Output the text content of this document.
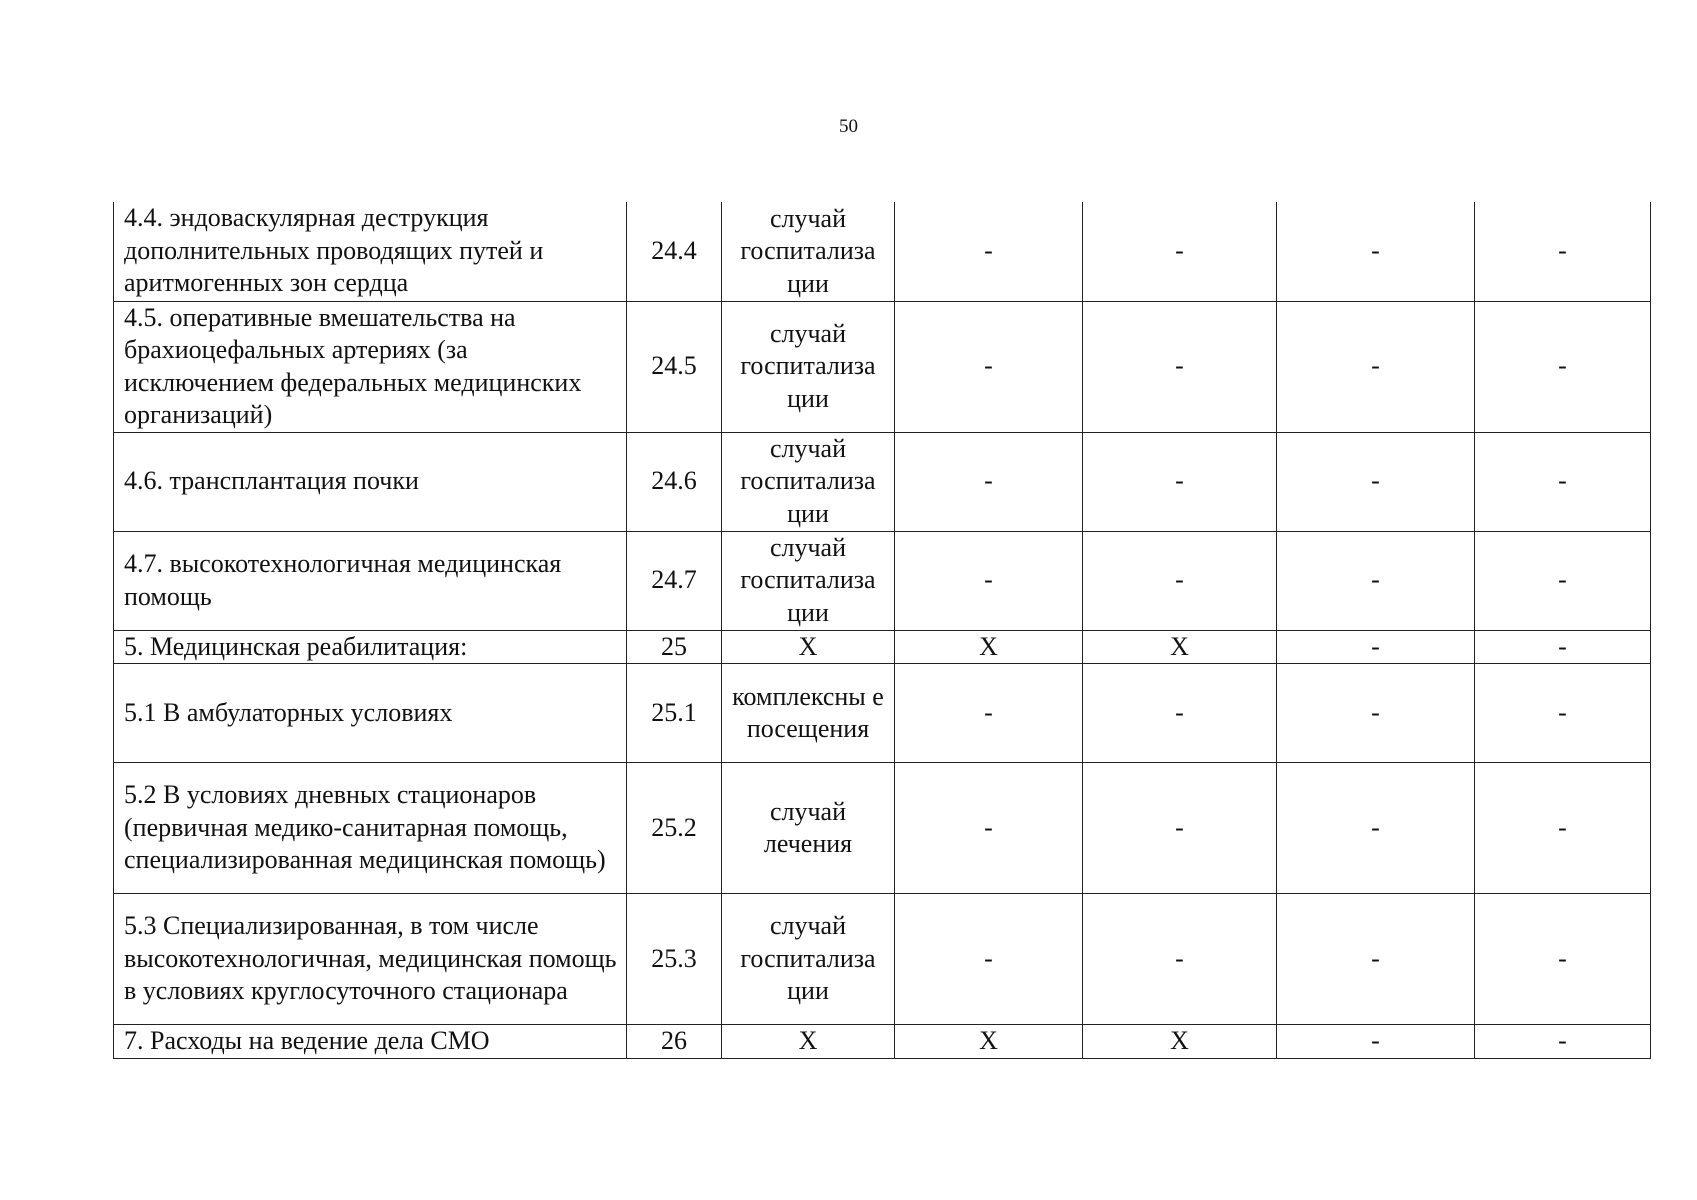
50
4.4. эндоваскулярная деструкция дополнительных проводящих путей и аритмогенных зон сердца	24.4	случай госпитализа ции	-	-	-	-
4.5. оперативные вмешательства на брахиоцефальных артериях (за исключением федеральных медицинских организаций)	24.5	случай госпитализа ции	-	-	-	-
4.6. трансплантация почки	24.6	случай госпитализа ции	-	-	-	-
4.7. высокотехнологичная медицинская помощь	24.7	случай госпитализа ции	-	-	-	-
5. Медицинская реабилитация:	25	Х	Х	Х	-	-
5.1 В амбулаторных условиях	25.1	комплексны е посещения	-	-	-	-
5.2 В условиях дневных стационаров (первичная медико-санитарная помощь, специализированная медицинская помощь)	25.2	случай лечения	-	-	-	-
5.3 Специализированная, в том числе высокотехнологичная, медицинская помощь в условиях круглосуточного стационара	25.3	случай госпитализа ции	-	-	-	-
7. Расходы на ведение дела СМО	26	Х	Х	Х	-	-
